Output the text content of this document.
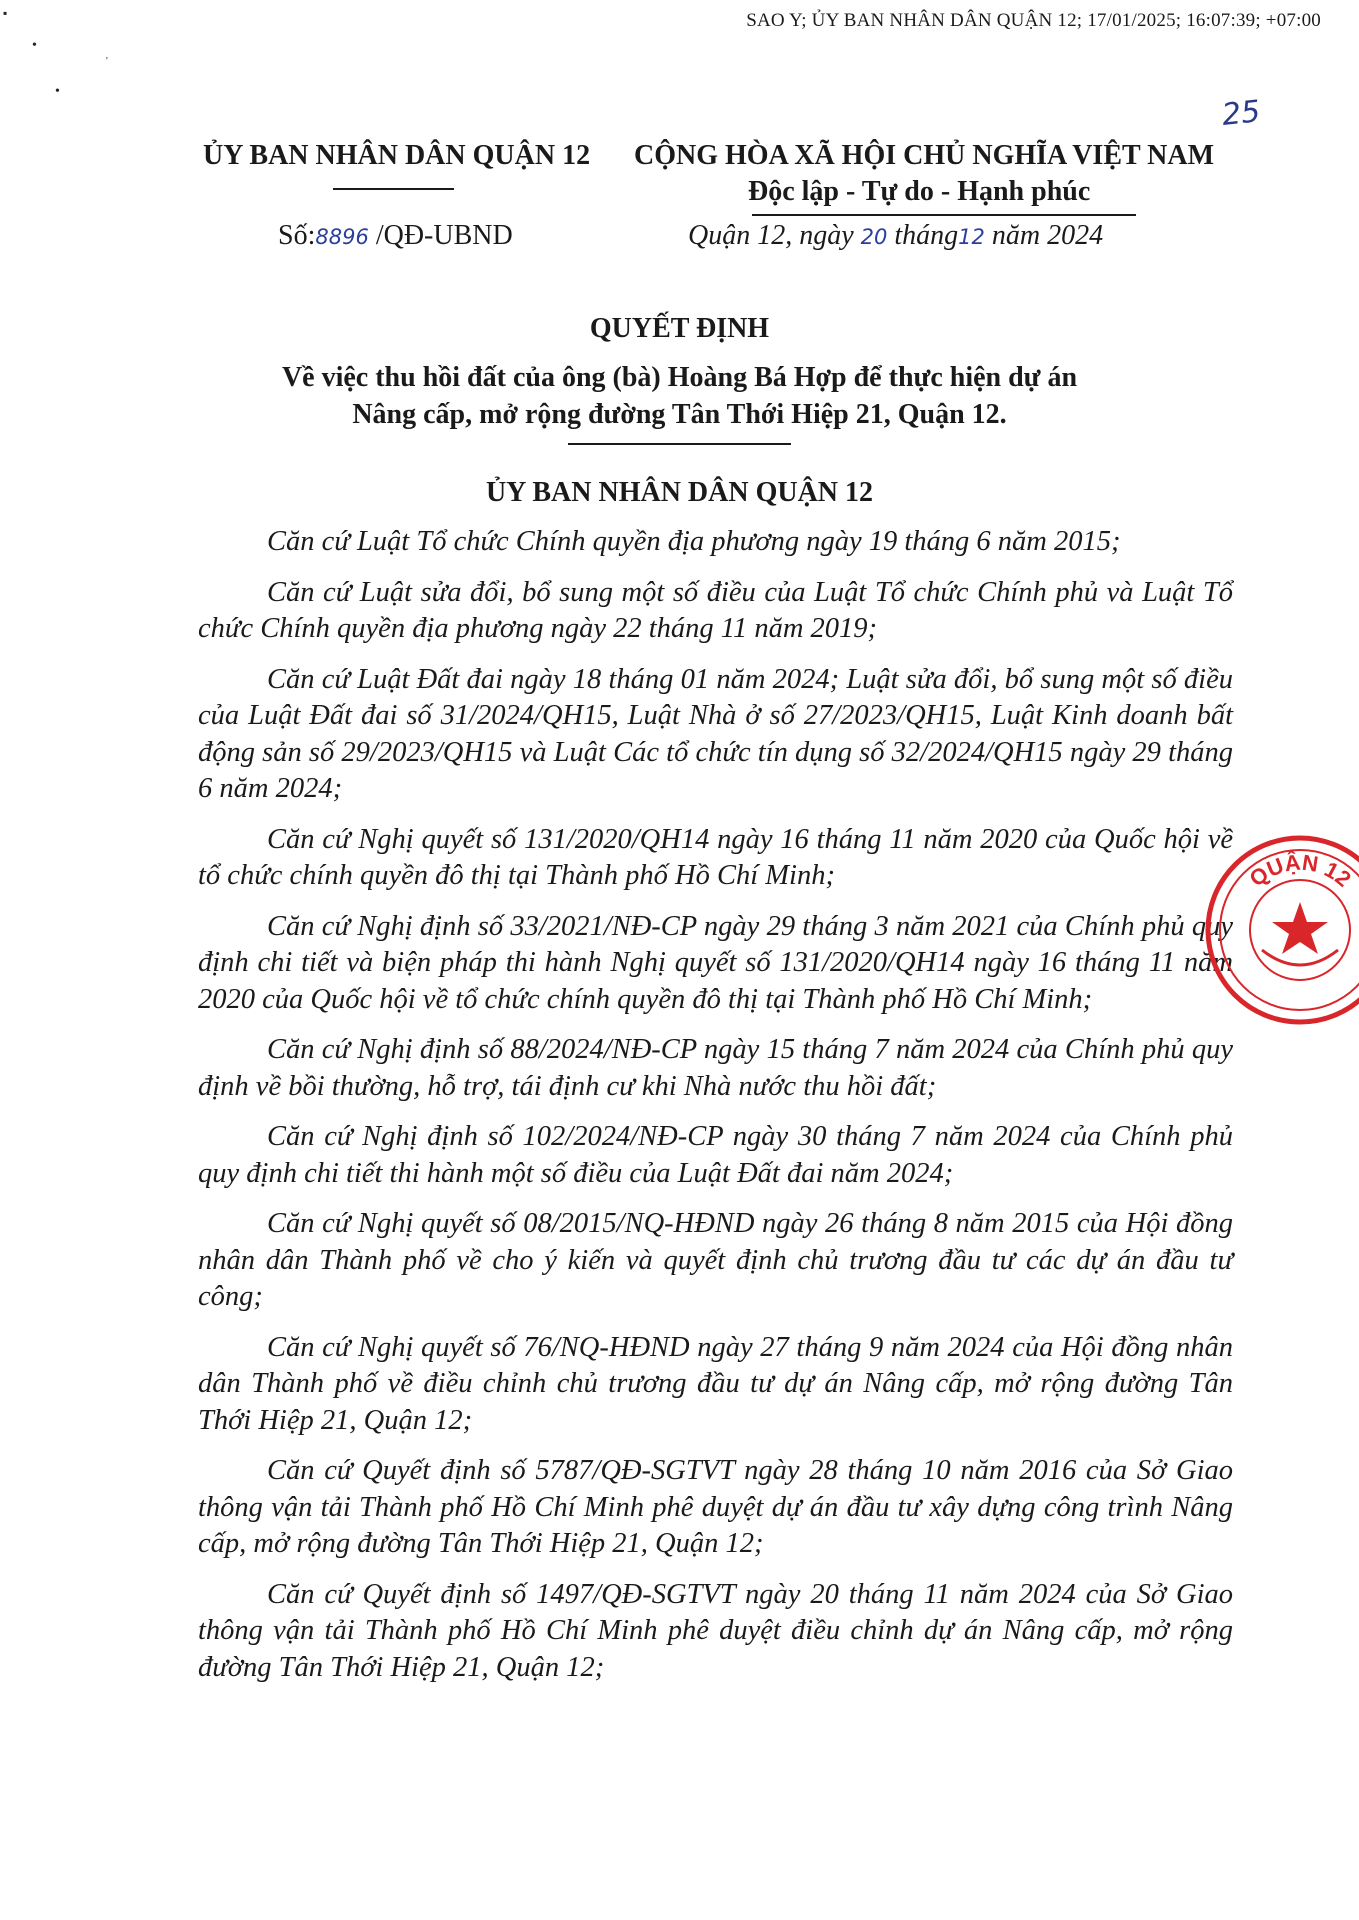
SAO Y; ỦY BAN NHÂN DÂN QUẬN 12; 17/01/2025; 16:07:39; +07:00
▪
•
'
•
25
ỦY BAN NHÂN DÂN QUẬN 12 CỘNG HÒA XÃ HỘI CHỦ NGHĨA VIỆT NAM
Độc lập - Tự do - Hạnh phúc
Số:8896 /QĐ-UBND	Quận 12, ngày 20 tháng12 năm 2024
QUYẾT ĐỊNH
Về việc thu hồi đất của ông (bà) Hoàng Bá Hợp để thực hiện dự án
Nâng cấp, mở rộng đường Tân Thới Hiệp 21, Quận 12.
ỦY BAN NHÂN DÂN QUẬN 12

Căn cứ Luật Tổ chức Chính quyền địa phương ngày 19 tháng 6 năm 2015;

Căn cứ Luật sửa đổi, bổ sung một số điều của Luật Tổ chức Chính phủ và Luật Tổ chức Chính quyền địa phương ngày 22 tháng 11 năm 2019;

Căn cứ Luật Đất đai ngày 18 tháng 01 năm 2024; Luật sửa đổi, bổ sung một số điều của Luật Đất đai số 31/2024/QH15, Luật Nhà ở số 27/2023/QH15, Luật Kinh doanh bất động sản số 29/2023/QH15 và Luật Các tổ chức tín dụng số 32/2024/QH15 ngày 29 tháng 6 năm 2024;

Căn cứ Nghị quyết số 131/2020/QH14 ngày 16 tháng 11 năm 2020 của Quốc hội về tổ chức chính quyền đô thị tại Thành phố Hồ Chí Minh;

Căn cứ Nghị định số 33/2021/NĐ-CP ngày 29 tháng 3 năm 2021 của Chính phủ quy định chi tiết và biện pháp thi hành Nghị quyết số 131/2020/QH14 ngày 16 tháng 11 năm 2020 của Quốc hội về tổ chức chính quyền đô thị tại Thành phố Hồ Chí Minh;

Căn cứ Nghị định số 88/2024/NĐ-CP ngày 15 tháng 7 năm 2024 của Chính phủ quy định về bồi thường, hỗ trợ, tái định cư khi Nhà nước thu hồi đất;

Căn cứ Nghị định số 102/2024/NĐ-CP ngày 30 tháng 7 năm 2024 của Chính phủ quy định chi tiết thi hành một số điều của Luật Đất đai năm 2024;

Căn cứ Nghị quyết số 08/2015/NQ-HĐND ngày 26 tháng 8 năm 2015 của Hội đồng nhân dân Thành phố về cho ý kiến và quyết định chủ trương đầu tư các dự án đầu tư công;

Căn cứ Nghị quyết số 76/NQ-HĐND ngày 27 tháng 9 năm 2024 của Hội đồng nhân dân Thành phố về điều chỉnh chủ trương đầu tư dự án Nâng cấp, mở rộng đường Tân Thới Hiệp 21, Quận 12;

Căn cứ Quyết định số 5787/QĐ-SGTVT ngày 28 tháng 10 năm 2016 của Sở Giao thông vận tải Thành phố Hồ Chí Minh phê duyệt dự án đầu tư xây dựng công trình Nâng cấp, mở rộng đường Tân Thới Hiệp 21, Quận 12;

Căn cứ Quyết định số 1497/QĐ-SGTVT ngày 20 tháng 11 năm 2024 của Sở Giao thông vận tải Thành phố Hồ Chí Minh phê duyệt điều chỉnh dự án Nâng cấp, mở rộng đường Tân Thới Hiệp 21, Quận 12;

QUẬN 12
